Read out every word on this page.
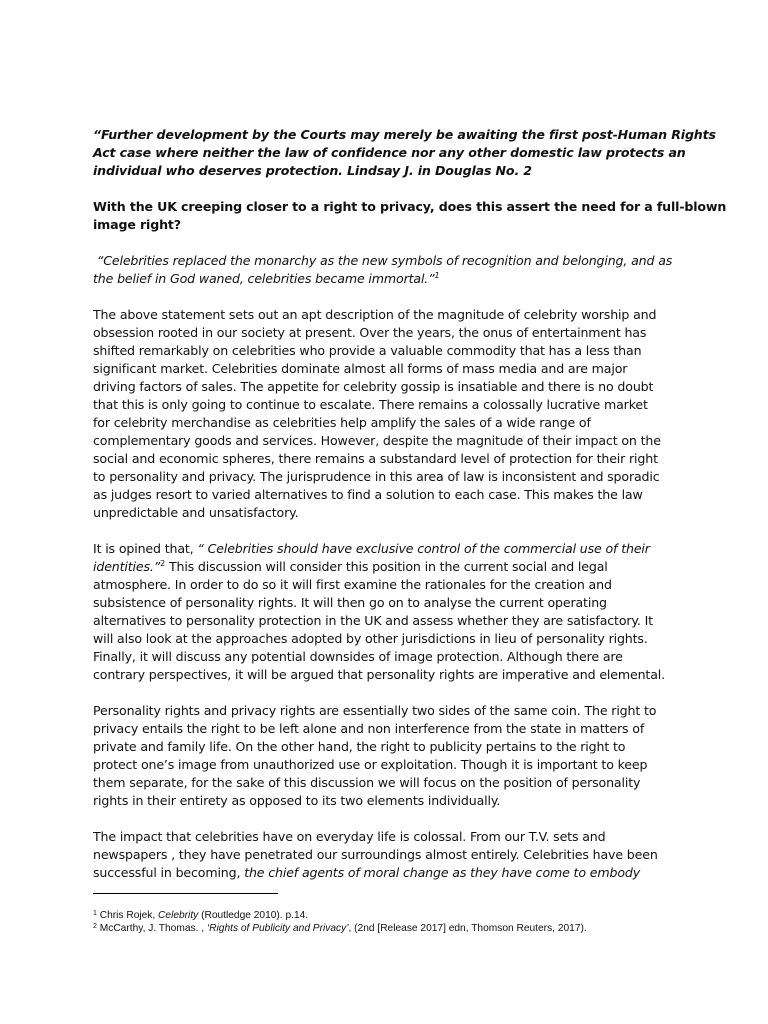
“Further development by the Courts may merely be awaiting the first post-Human Rights
Act case where neither the law of confidence nor any other domestic law protects an
individual who deserves protection. Lindsay J. in Douglas No. 2

With the UK creeping closer to a right to privacy, does this assert the need for a full-blown
image right?

“Celebrities replaced the monarchy as the new symbols of recognition and belonging, and as
the belief in God waned, celebrities became immortal.”$^1$

The above statement sets out an apt description of the magnitude of celebrity worship and
obsession rooted in our society at present. Over the years, the onus of entertainment has
shifted remarkably on celebrities who provide a valuable commodity that has a less than
significant market. Celebrities dominate almost all forms of mass media and are major
driving factors of sales. The appetite for celebrity gossip is insatiable and there is no doubt
that this is only going to continue to escalate. There remains a colossally lucrative market
for celebrity merchandise as celebrities help amplify the sales of a wide range of
complementary goods and services. However, despite the magnitude of their impact on the
social and economic spheres, there remains a substandard level of protection for their right
to personality and privacy. The jurisprudence in this area of law is inconsistent and sporadic
as judges resort to varied alternatives to find a solution to each case. This makes the law
unpredictable and unsatisfactory.

It is opined that, “ Celebrities should have exclusive control of the commercial use of their
identities.”$^2$ This discussion will consider this position in the current social and legal
atmosphere. In order to do so it will first examine the rationales for the creation and
subsistence of personality rights. It will then go on to analyse the current operating
alternatives to personality protection in the UK and assess whether they are satisfactory. It
will also look at the approaches adopted by other jurisdictions in lieu of personality rights.
Finally, it will discuss any potential downsides of image protection. Although there are
contrary perspectives, it will be argued that personality rights are imperative and elemental.

Personality rights and privacy rights are essentially two sides of the same coin. The right to
privacy entails the right to be left alone and non interference from the state in matters of
private and family life. On the other hand, the right to publicity pertains to the right to
protect one’s image from unauthorized use or exploitation. Though it is important to keep
them separate, for the sake of this discussion we will focus on the position of personality
rights in their entirety as opposed to its two elements individually.

The impact that celebrities have on everyday life is colossal. From our T.V. sets and
newspapers , they have penetrated our surroundings almost entirely. Celebrities have been
successful in becoming, the chief agents of moral change as they have come to embody

$^1$ Chris Rojek, Celebrity (Routledge 2010). p.14.
$^2$ McCarthy, J. Thomas. , ‘Rights of Publicity and Privacy’, (2nd [Release 2017] edn, Thomson Reuters, 2017).
